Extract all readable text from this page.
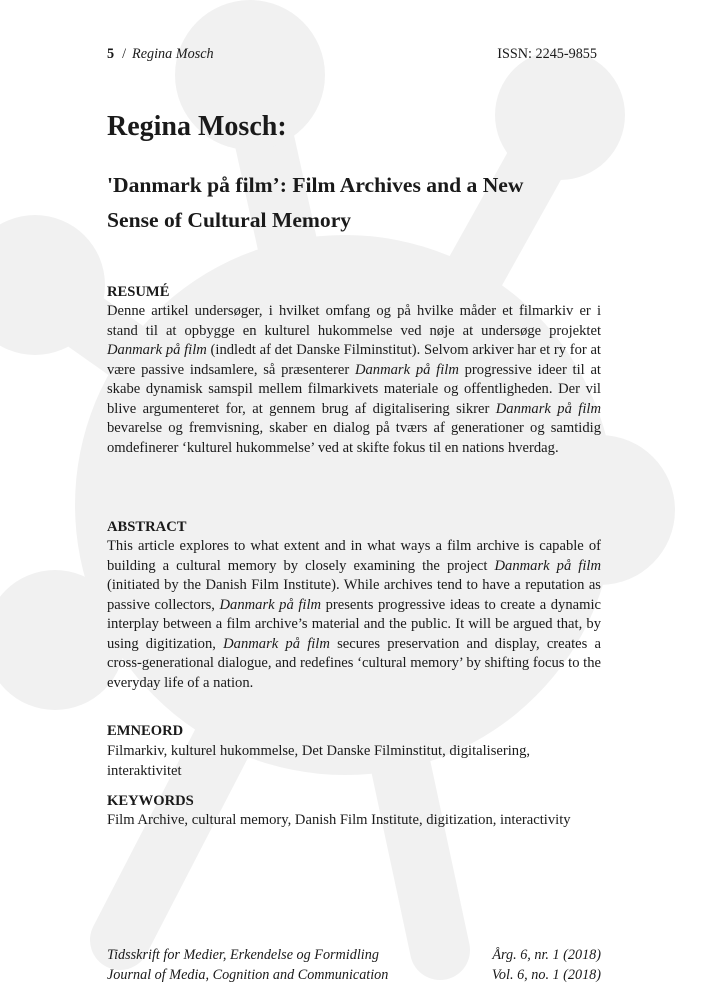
5 / Regina Mosch	ISSN: 2245-9855
Regina Mosch:
'Danmark på film’: Film Archives and a New
Sense of Cultural Memory
RESUMÉ

Denne artikel undersøger, i hvilket omfang og på hvilke måder et filmarkiv er i stand til at opbygge en kulturel hukommelse ved nøje at undersøge projektet Danmark på film (indledt af det Danske Filminstitut). Selvom arkiver har et ry for at være passive indsamlere, så præsenterer Danmark på film progressive ideer til at skabe dynamisk samspil mellem filmarkivets materiale og offentligheden. Der vil blive argumenteret for, at gennem brug af digitalisering sikrer Danmark på film bevarelse og fremvisning, skaber en dialog på tværs af generationer og samtidig omdefinerer ‘kulturel hukommelse’ ved at skifte fokus til en nations hverdag.

ABSTRACT

This article explores to what extent and in what ways a film archive is capable of building a cultural memory by closely examining the project Danmark på film (initiated by the Danish Film Institute). While archives tend to have a reputation as passive collectors, Danmark på film presents progressive ideas to create a dynamic interplay between a film archive’s material and the public. It will be argued that, by using digitization, Danmark på film secures preservation and display, creates a cross-generational dialogue, and redefines ‘cultural memory’ by shifting focus to the everyday life of a nation.

EMNEORD

Filmarkiv, kulturel hukommelse, Det Danske Filminstitut, digitalisering, interaktivitet

KEYWORDS

Film Archive, cultural memory, Danish Film Institute, digitization, interactivity

Tidsskrift for Medier, Erkendelse og Formidling	Årg. 6, nr. 1 (2018)
Journal of Media, Cognition and Communication	Vol. 6, no. 1 (2018)
